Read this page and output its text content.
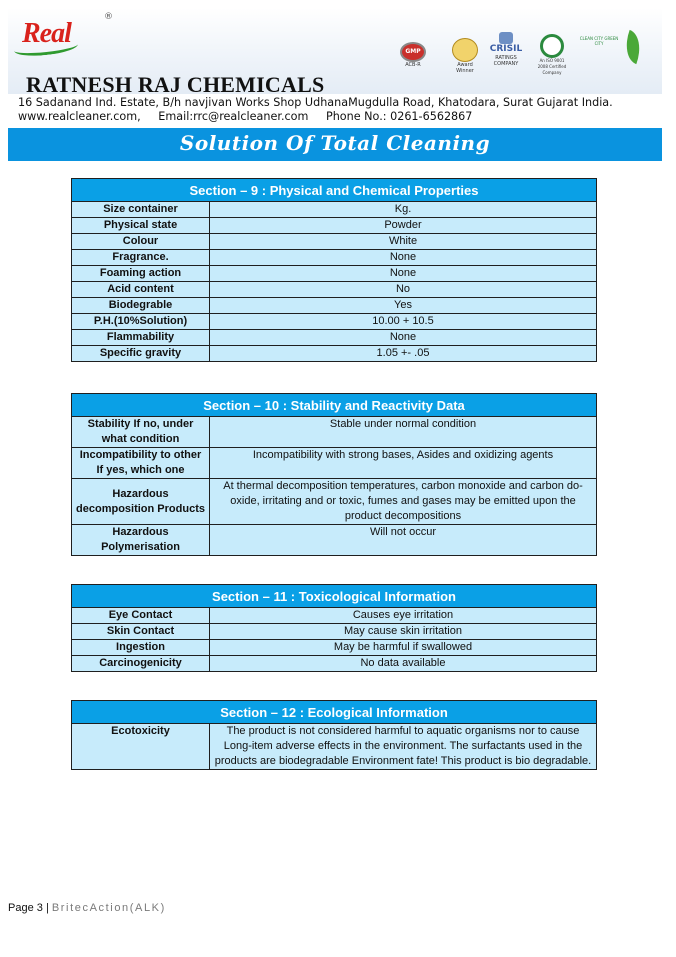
Real
®
RATNESH RAJ CHEMICALS
GMP
ACB-R	Award Winner
CRISIL
RATINGS COMPANY
An ISO 9001 2008 Certified Company
CLEAN CITY GREEN CITY
16 Sadanand Ind. Estate, B/h navjivan Works Shop UdhanaMugdulla Road, Khatodara, Surat Gujarat India.
www.realcleaner.com, Email:rrc@realcleaner.com Phone No.: 0261-6562867
Solution Of Total Cleaning
Section – 9 : Physical and Chemical Properties	
Size container	Kg.
Physical state	Powder
Colour	White
Fragrance.	None
Foaming action	None
Acid content	No
Biodegrable	Yes
P.H.(10%Solution)	10.00 + 10.5
Flammability	None
Specific gravity	1.05 +- .05
Section – 10 : Stability and Reactivity Data	
Stability If no, under what condition	Stable under normal condition
Incompatibility to other If yes, which one	Incompatibility with strong bases, Asides and oxidizing agents
Hazardous decomposition Products	At thermal decomposition temperatures, carbon monoxide and carbon do-oxide, irritating and or toxic, fumes and gases may be emitted upon the product decompositions
Hazardous Polymerisation	Will not occur
Section – 11 : Toxicological Information	
Eye Contact	Causes eye irritation
Skin Contact	May cause skin irritation
Ingestion	May be harmful if swallowed
Carcinogenicity	No data available
Section – 12 : Ecological Information
Ecotoxicity	The product is not considered harmful to aquatic organisms nor to cause Long-item adverse effects in the environment. The surfactants used in the products are biodegradable Environment fate! This product is bio degradable.
Page 3 | BritecAction(ALK)
